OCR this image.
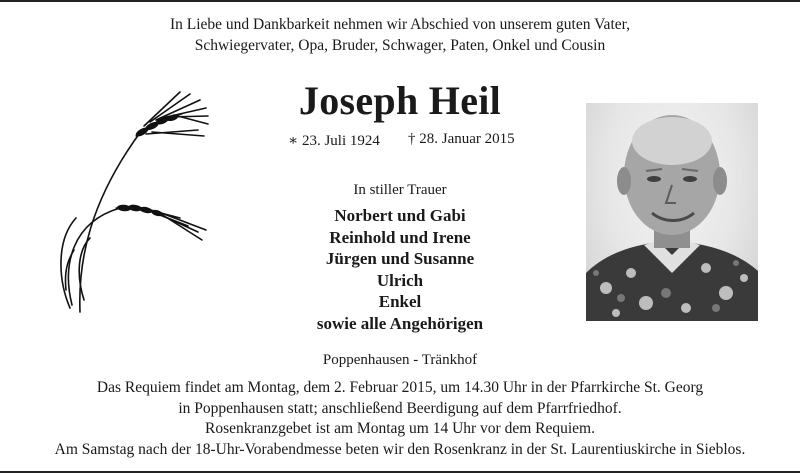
In Liebe und Dankbarkeit nehmen wir Abschied von unserem guten Vater,
Schwiegervater, Opa, Bruder, Schwager, Paten, Onkel und Cousin
Joseph Heil
∗ 23. Juli 1924 † 28. Januar 2015
In stiller Trauer
Norbert und Gabi
Reinhold und Irene
Jürgen und Susanne
Ulrich
Enkel
sowie alle Angehörigen
Poppenhausen - Tränkhof
Das Requiem findet am Montag, dem 2. Februar 2015, um 14.30 Uhr in der Pfarrkirche St. Georg
in Poppenhausen statt; anschließend Beerdigung auf dem Pfarrfriedhof.
Rosenkranzgebet ist am Montag um 14 Uhr vor dem Requiem.
Am Samstag nach der 18-Uhr-Vorabendmesse beten wir den Rosenkranz in der St. Laurentiuskirche in Sieblos.
